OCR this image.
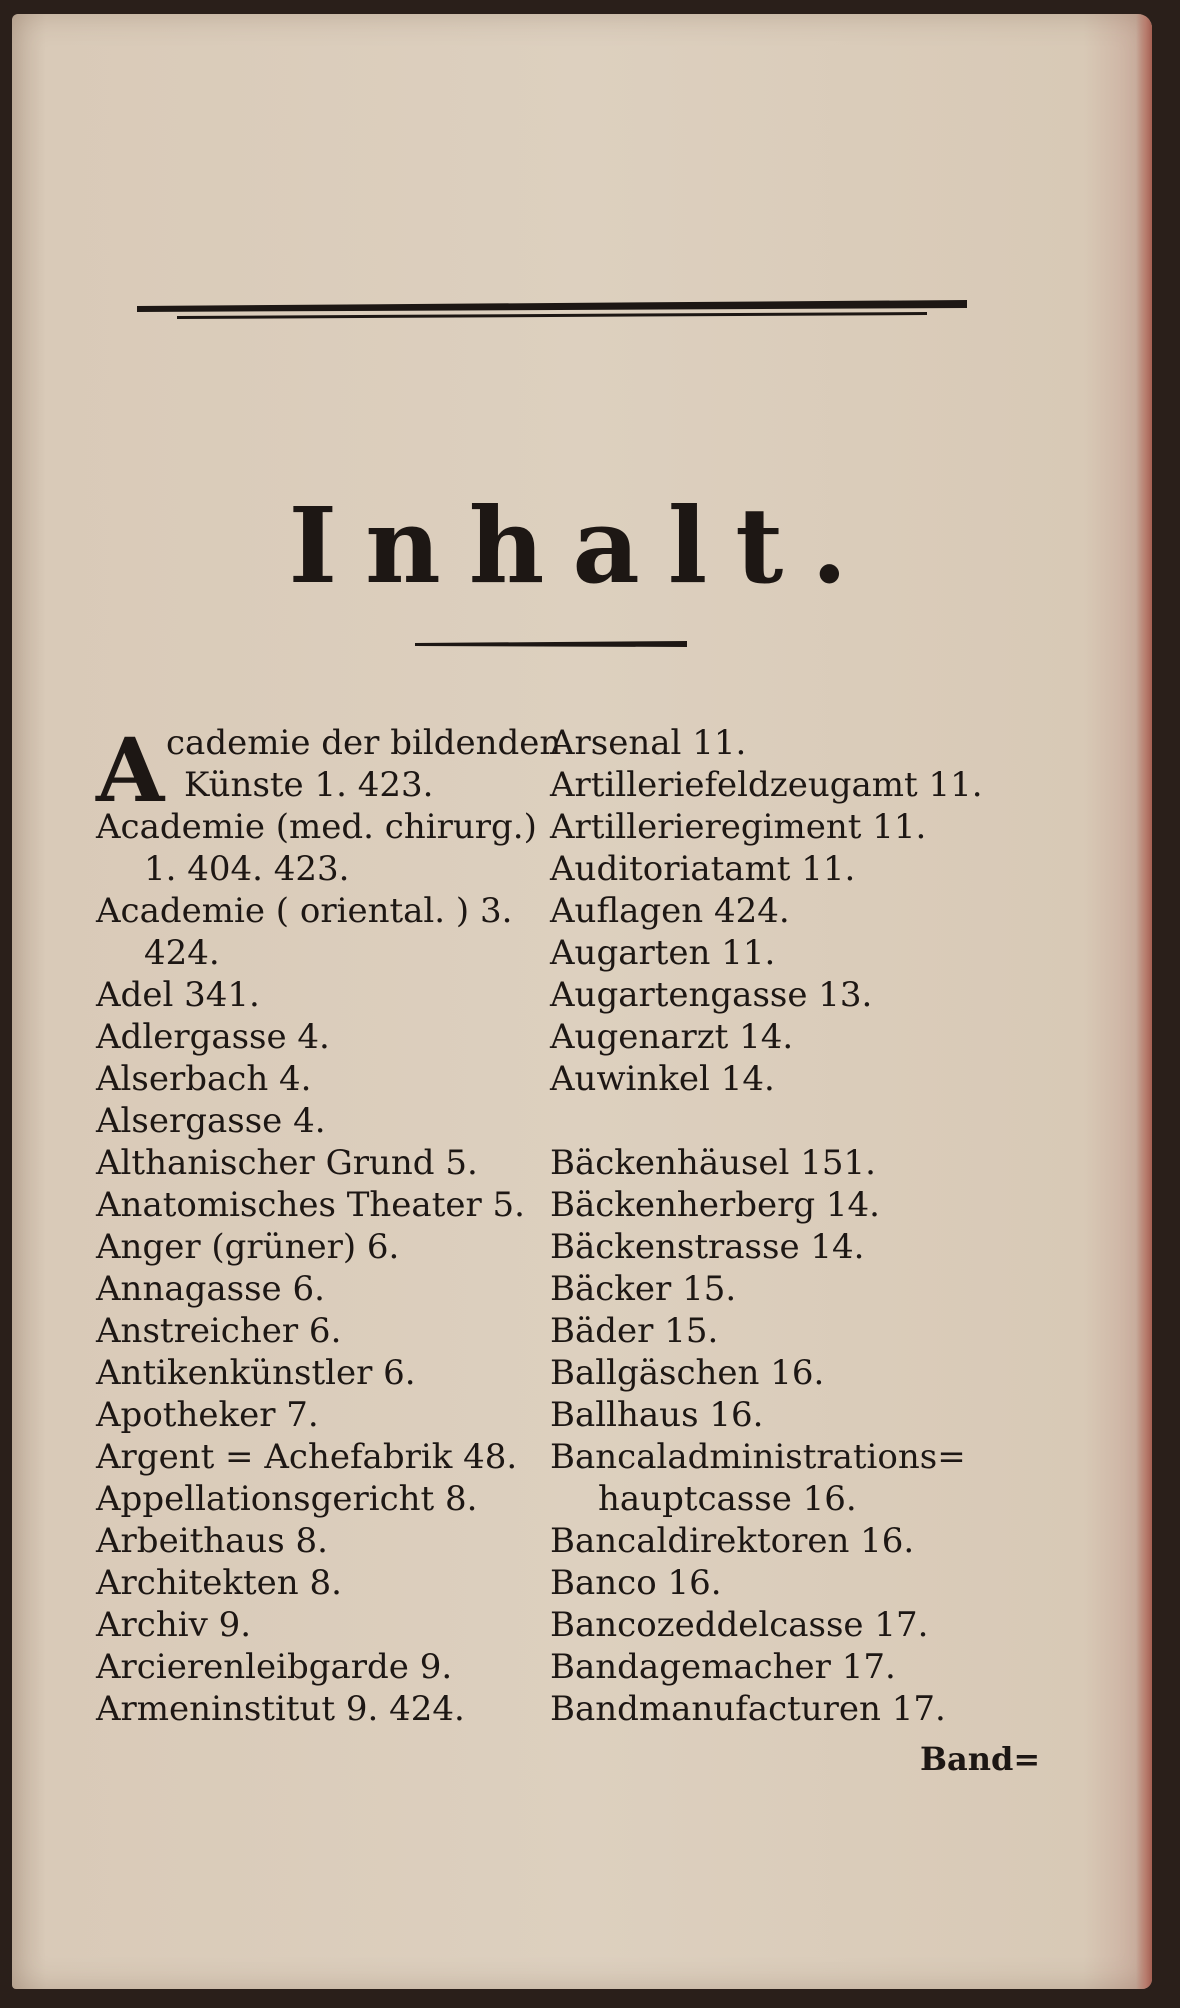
Inhalt.
cademie der bildenden
Künste 1. 423.
Academie (med. chirurg.)
1. 404. 423.
Academie ( oriental. ) 3.
424.
Adel 341.
Adlergasse 4.
Alserbach 4.
Alsergasse 4.
Althanischer Grund 5.
Anatomisches Theater 5.
Anger (grüner) 6.
Annagasse 6.
Anstreicher 6.
Antikenkünstler 6.
Apotheker 7.
Argent = Achefabrik 48.
Appellationsgericht 8.
Arbeithaus 8.
Architekten 8.
Archiv 9.
Arcierenleibgarde 9.
Armeninstitut 9. 424.
A	Arsenal 11.
Artilleriefeldzeugamt 11.
Artillerieregiment 11.
Auditoriatamt 11.
Auflagen 424.
Augarten 11.
Augartengasse 13.
Augenarzt 14.
Auwinkel 14.
Bäckenhäusel 151.
Bäckenherberg 14.
Bäckenstrasse 14.
Bäcker 15.
Bäder 15.
Ballgäschen 16.
Ballhaus 16.
Bancaladministrations=
hauptcasse 16.
Bancaldirektoren 16.
Banco 16.
Bancozeddelcasse 17.
Bandagemacher 17.
Bandmanufacturen 17.
Band=
